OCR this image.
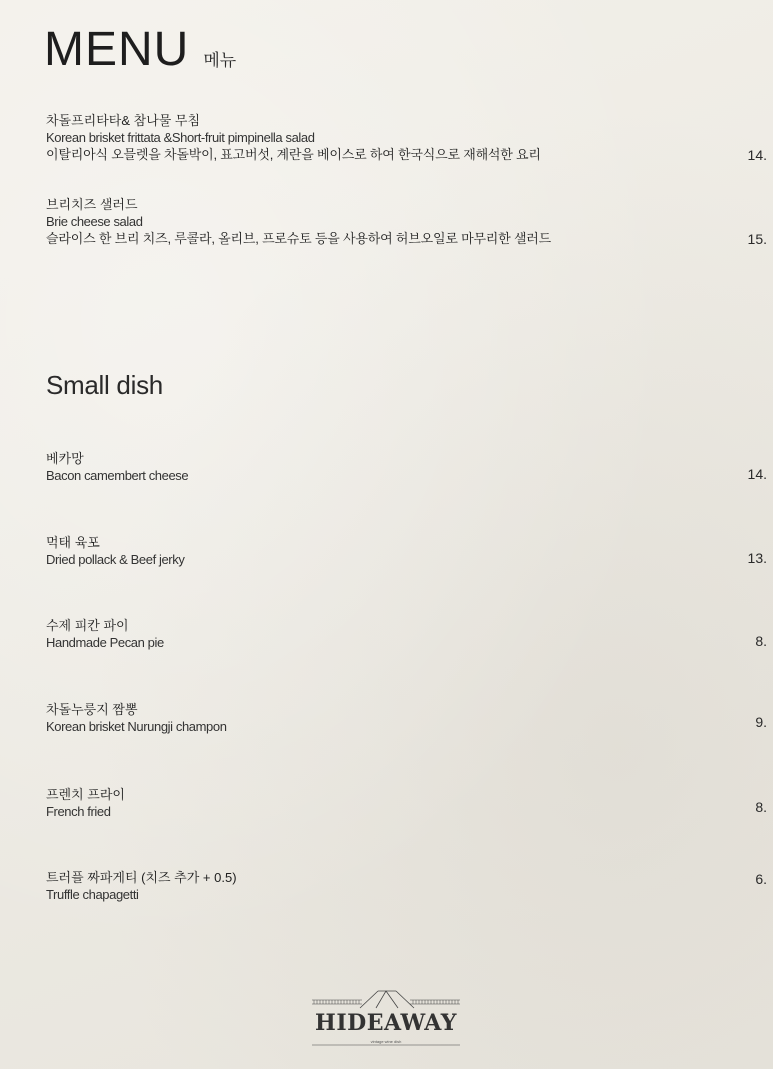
MENU 메뉴
차돌프리타타& 참나물 무침
Korean brisket frittata &Short-fruit pimpinella salad
이탈리아식 오믈렛을 차돌박이, 표고버섯, 계란을 베이스로 하여 한국식으로 재해석한 요리	14.
브리치즈 샐러드
Brie cheese salad
슬라이스 한 브리 치즈, 루콜라, 올리브, 프로슈토 등을 사용하여 허브오일로 마무리한 샐러드	15.
Small dish
베카망
Bacon camembert cheese	14.
먹태 육포
Dried pollack & Beef jerky	13.
수제 피칸 파이
Handmade Pecan pie	8.
차돌누룽지 짬뽕
Korean brisket Nurungji champon	9.
프렌치 프라이
French fried	8.
트러플 짜파게티 (치즈 추가 + 0.5)
Truffle chapagetti
6.
HIDEAWAY
vintage wine dish
